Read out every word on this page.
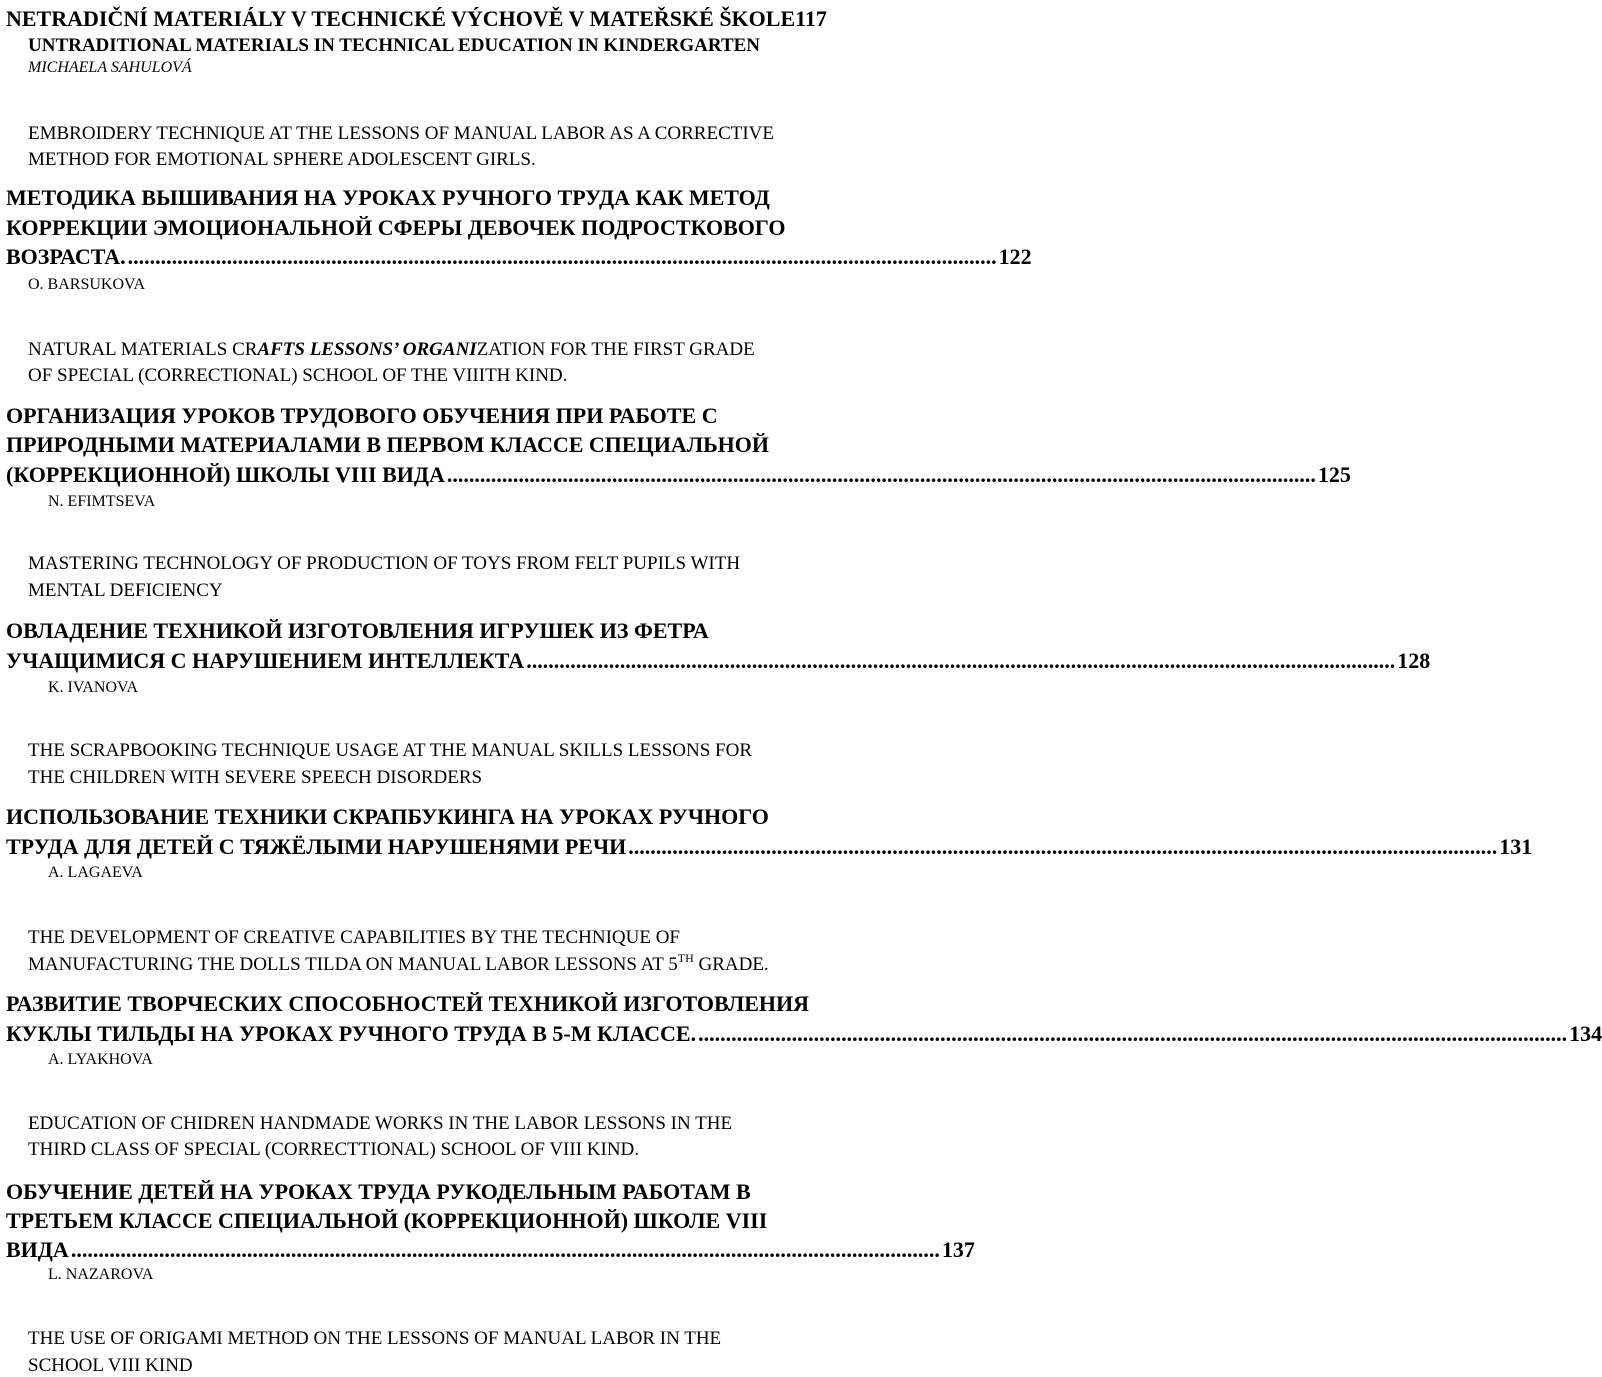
NETRADIČNÍ MATERIÁLY V TECHNICKÉ VÝCHOVĚ V MATEŘSKÉ ŠKOLE117
UNTRADITIONAL MATERIALS IN TECHNICAL EDUCATION IN KINDERGARTEN
MICHAELA SAHULOVÁ
EMBROIDERY TECHNIQUE AT THE LESSONS OF MANUAL LABOR AS A CORRECTIVE
METHOD FOR EMOTIONAL SPHERE ADOLESCENT GIRLS.
МЕТОДИКА ВЫШИВАНИЯ НА УРОКАХ РУЧНОГО ТРУДА КАК МЕТОД
КОРРЕКЦИИ ЭМОЦИОНАЛЬНОЙ СФЕРЫ ДЕВОЧЕК ПОДРОСТКОВОГО
ВОЗРАСТА. .............................................................................................................................................................. 122
O. BARSUKOVA
NATURAL MATERIALS CRAFTS LESSONS’ ORGANIZATION FOR THE FIRST GRADE
OF SPECIAL (CORRECTIONAL) SCHOOL OF THE VIIITH KIND.
ОРГАНИЗАЦИЯ УРОКОВ ТРУДОВОГО ОБУЧЕНИЯ ПРИ РАБОТЕ С
ПРИРОДНЫМИ МАТЕРИАЛАМИ В ПЕРВОМ КЛАССЕ СПЕЦИАЛЬНОЙ
(КОРРЕКЦИОННОЙ) ШКОЛЫ VIII ВИДА .............................................................................................................................................................. 125
N. EFIMTSEVA
MASTERING TECHNOLOGY OF PRODUCTION OF TOYS FROM FELT PUPILS WITH
MENTAL DEFICIENCY
ОВЛАДЕНИЕ ТЕХНИКОЙ ИЗГОТОВЛЕНИЯ ИГРУШЕК ИЗ ФЕТРА
УЧАЩИМИСЯ С НАРУШЕНИЕМ ИНТЕЛЛЕКТА .............................................................................................................................................................. 128
K. IVANOVA
THE SCRAPBOOKING TECHNIQUE USAGE AT THE MANUAL SKILLS LESSONS FOR
THE CHILDREN WITH SEVERE SPEECH DISORDERS
ИСПОЛЬЗОВАНИЕ ТЕХНИКИ СКРАПБУКИНГА НА УРОКАХ РУЧНОГО
ТРУДА ДЛЯ ДЕТЕЙ С ТЯЖЁЛЫМИ НАРУШЕНЯМИ РЕЧИ .............................................................................................................................................................. 131
A. LAGAEVA
THE DEVELOPMENT OF CREATIVE CAPABILITIES BY THE TECHNIQUE OF
MANUFACTURING THE DOLLS TILDA ON MANUAL LABOR LESSONS AT 5TH GRADE.
РАЗВИТИЕ ТВОРЧЕСКИХ СПОСОБНОСТЕЙ ТЕХНИКОЙ ИЗГОТОВЛЕНИЯ
КУКЛЫ ТИЛЬДЫ НА УРОКАХ РУЧНОГО ТРУДА В 5-М КЛАССЕ. .............................................................................................................................................................. 134
A. LYAKHOVA
EDUCATION OF CHIDREN HANDMADE WORKS IN THE LABOR LESSONS IN THE
THIRD CLASS OF SPECIAL (CORRECTTIONAL) SCHOOL OF VIII KIND.
ОБУЧЕНИЕ ДЕТЕЙ НА УРОКАХ ТРУДА РУКОДЕЛЬНЫМ РАБОТАМ В
ТРЕТЬЕМ КЛАССЕ СПЕЦИАЛЬНОЙ (КОРРЕКЦИОННОЙ) ШКОЛЕ VIII
ВИДА .............................................................................................................................................................. 137
L. NAZAROVA
THE USE OF ORIGAMI METHOD ON THE LESSONS OF MANUAL LABOR IN THE
SCHOOL VIII KIND
